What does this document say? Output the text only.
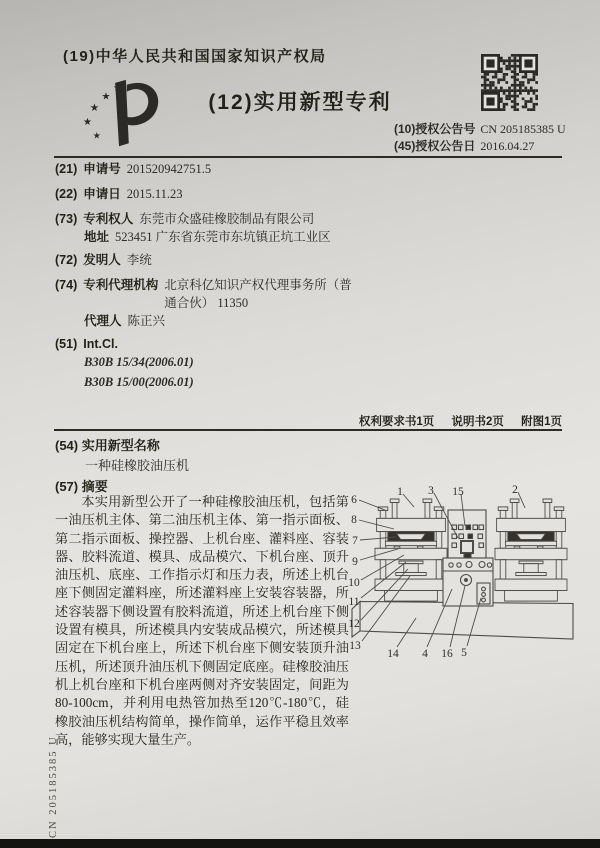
(19)中华人民共和国国家知识产权局
★
★
★
★
★
(12)实用新型专利
(10)授权公告号 CN 205185385 U
(45)授权公告日 2016.04.27
(21) 申请号 201520942751.5
(22) 申请日 2015.11.23
(73) 专利权人 东莞市众盛硅橡胶制品有限公司
地址 523451 广东省东莞市东坑镇正坑工业区
(72) 发明人 李统
(74) 专利代理机构 北京科亿知识产权代理事务所（普通合伙） 11350
代理人 陈正兴
(51) Int.Cl.
B30B 15/34(2006.01)
B30B 15/00(2006.01)
权利要求书1页 说明书2页 附图1页
(54) 实用新型名称
一种硅橡胶油压机
(57) 摘要
本实用新型公开了一种硅橡胶油压机，包括第一油压机主体、第二油压机主体、第一指示面板、第二指示面板、操控器、上机台座、灌料座、容装器、胶料流道、模具、成品模穴、下机台座、顶升油压机、底座、工作指示灯和压力表，所述上机台座下侧固定灌料座，所述灌料座上安装容装器，所述容装器下侧设置有胶料流道，所述上机台座下侧设置有模具，所述模具内安装成品模穴，所述模具固定在下机台座上，所述下机台座下侧安装顶升油压机，所述顶升油压机下侧固定底座。硅橡胶油压机上机台座和下机台座两侧对齐安装固定，间距为80-100cm，并利用电热管加热至120℃-180℃，硅橡胶油压机结构简单，操作简单，运作平稳且效率高，能够实现大量生产。
6
1 3 15	2
8
7
9
10
11
12
13
14 4 16 5
CN 205185385 U
